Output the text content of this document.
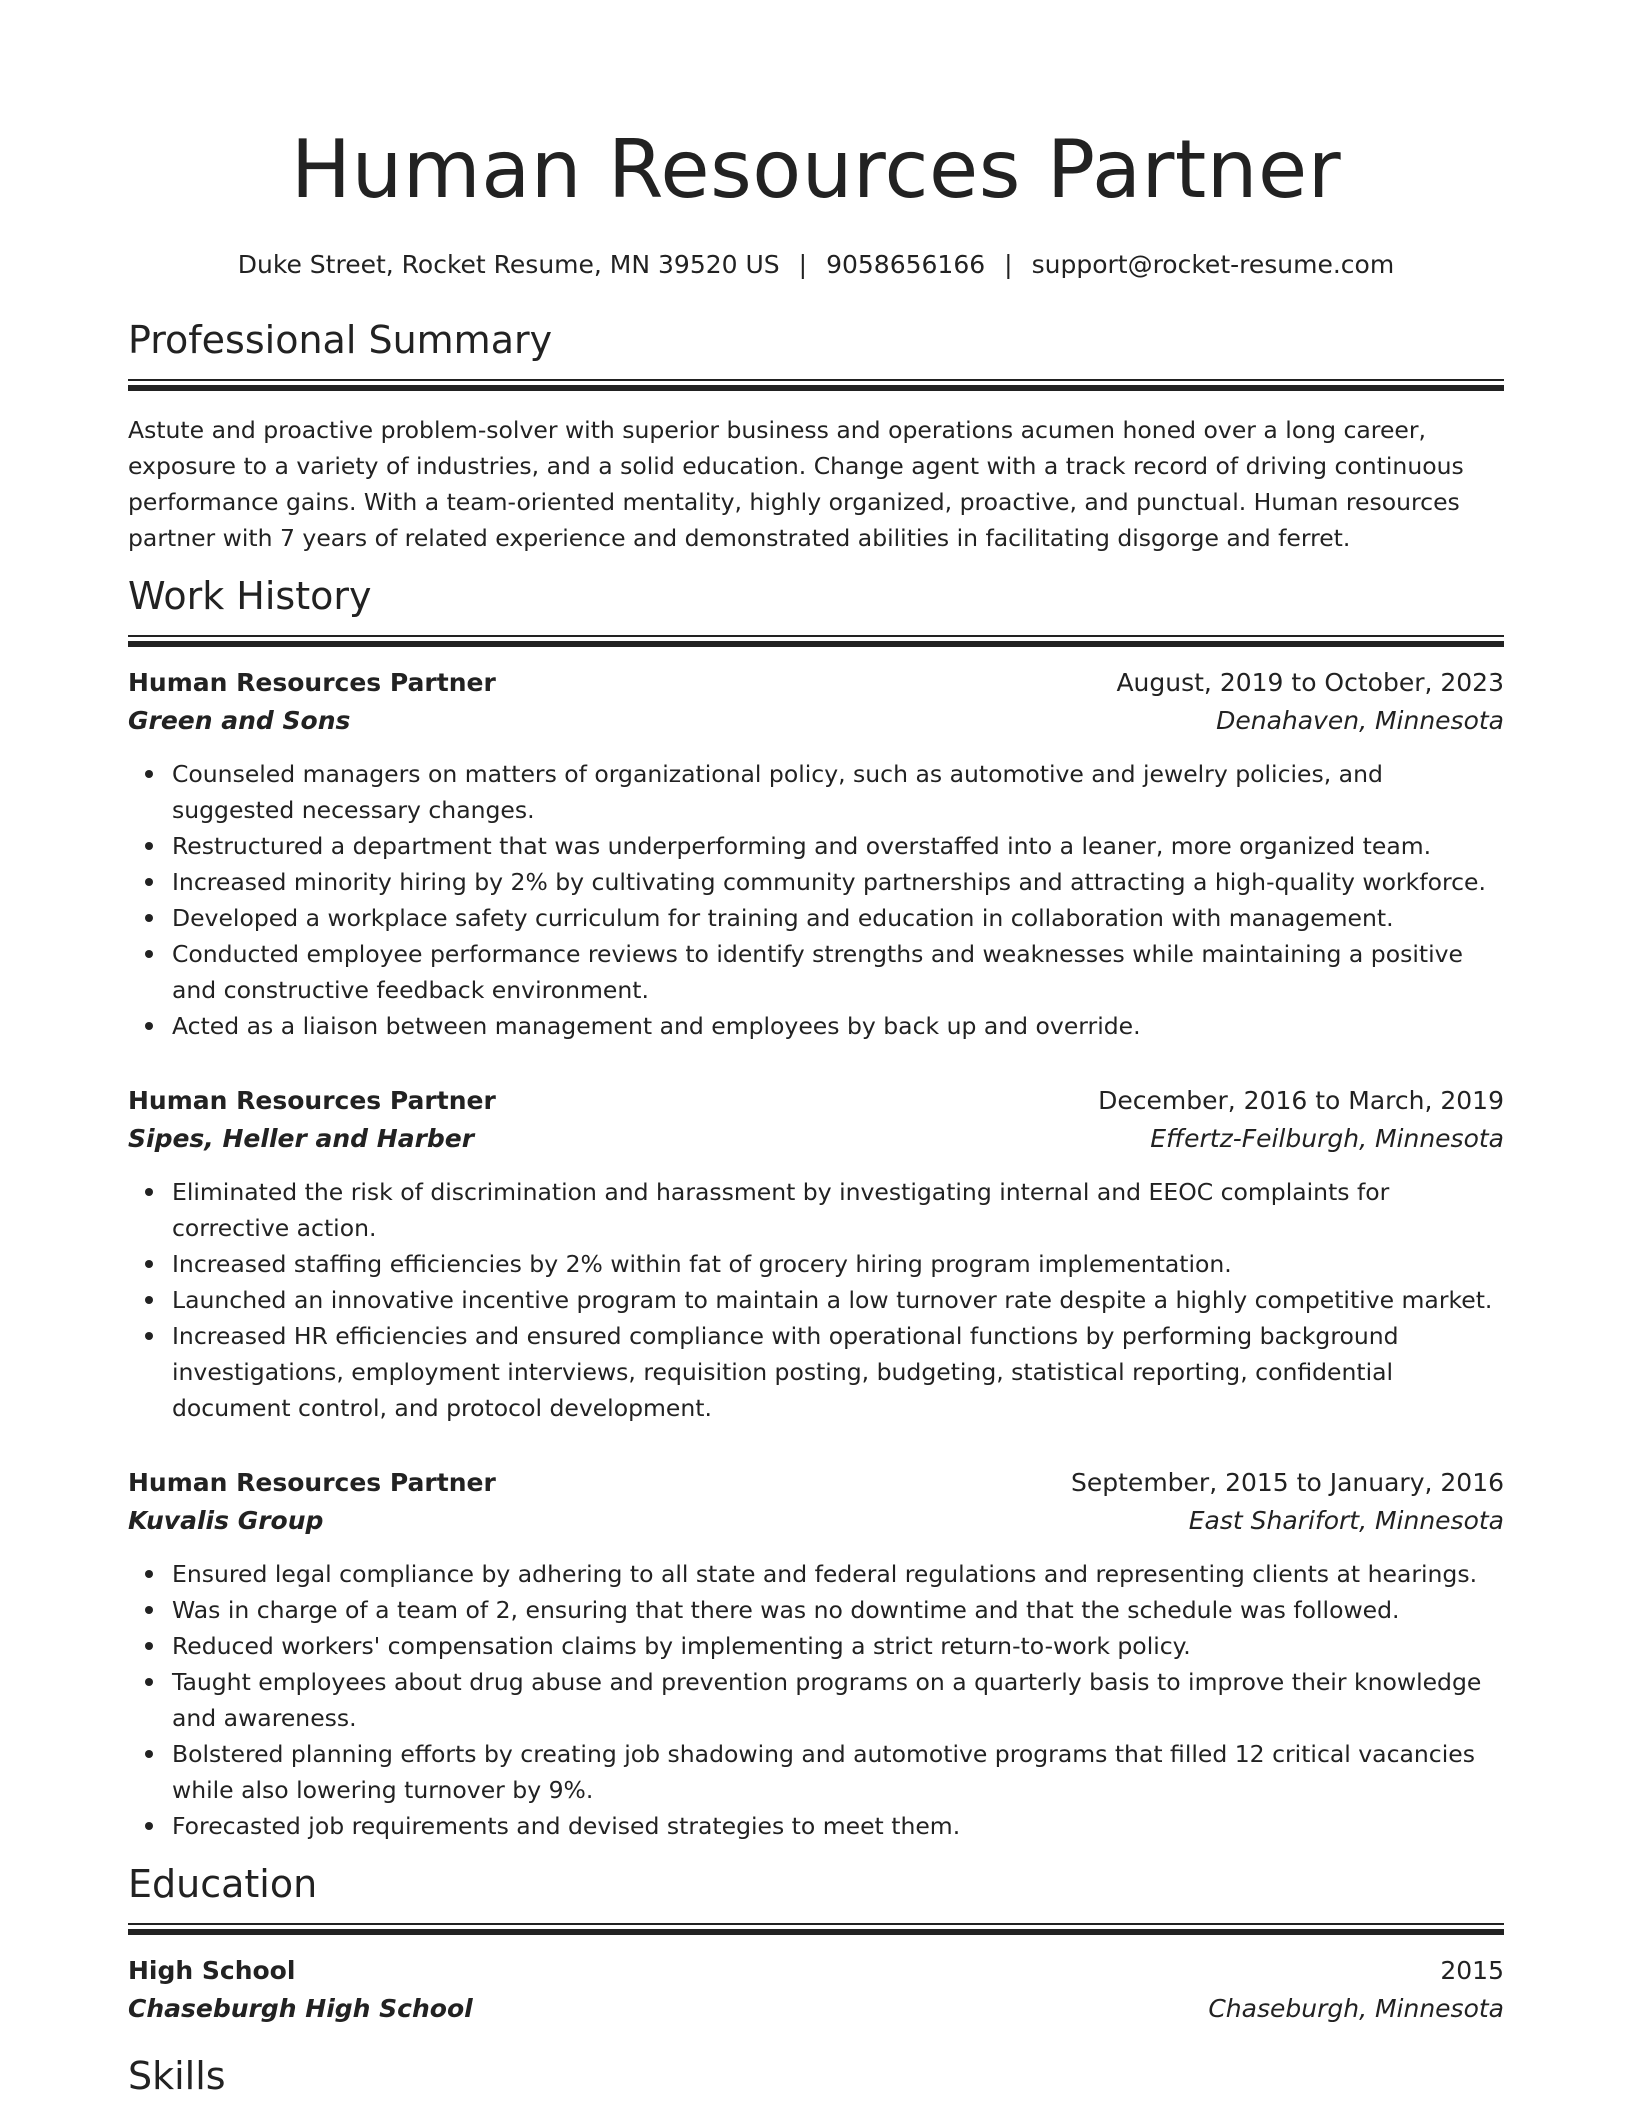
Human Resources Partner
Duke Street, Rocket Resume, MN 39520 US | 9058656166 | support@rocket-resume.com
Professional Summary

Astute and proactive problem-solver with superior business and operations acumen honed over a long career, exposure to a variety of industries, and a solid education. Change agent with a track record of driving continuous performance gains. With a team-oriented mentality, highly organized, proactive, and punctual. Human resources partner with 7 years of related experience and demonstrated abilities in facilitating disgorge and ferret.

Work History
Human Resources Partner	August, 2019 to October, 2023
Green and Sons	Denahaven, Minnesota
Counseled managers on matters of organizational policy, such as automotive and jewelry policies, and suggested necessary changes.
Restructured a department that was underperforming and overstaffed into a leaner, more organized team.
Increased minority hiring by 2% by cultivating community partnerships and attracting a high-quality workforce.
Developed a workplace safety curriculum for training and education in collaboration with management.
Conducted employee performance reviews to identify strengths and weaknesses while maintaining a positive and constructive feedback environment.
Acted as a liaison between management and employees by back up and override.
Human Resources Partner	December, 2016 to March, 2019
Sipes, Heller and Harber	Effertz-Feilburgh, Minnesota
Eliminated the risk of discrimination and harassment by investigating internal and EEOC complaints for corrective action.
Increased staffing efficiencies by 2% within fat of grocery hiring program implementation.
Launched an innovative incentive program to maintain a low turnover rate despite a highly competitive market.
Increased HR efficiencies and ensured compliance with operational functions by performing background investigations, employment interviews, requisition posting, budgeting, statistical reporting, confidential document control, and protocol development.
Human Resources Partner	September, 2015 to January, 2016
Kuvalis Group	East Sharifort, Minnesota
Ensured legal compliance by adhering to all state and federal regulations and representing clients at hearings.
Was in charge of a team of 2, ensuring that there was no downtime and that the schedule was followed.
Reduced workers' compensation claims by implementing a strict return-to-work policy.
Taught employees about drug abuse and prevention programs on a quarterly basis to improve their knowledge and awareness.
Bolstered planning efforts by creating job shadowing and automotive programs that filled 12 critical vacancies while also lowering turnover by 9%.
Forecasted job requirements and devised strategies to meet them.
Education
High School	2015
Chaseburgh High School	Chaseburgh, Minnesota
Skills
